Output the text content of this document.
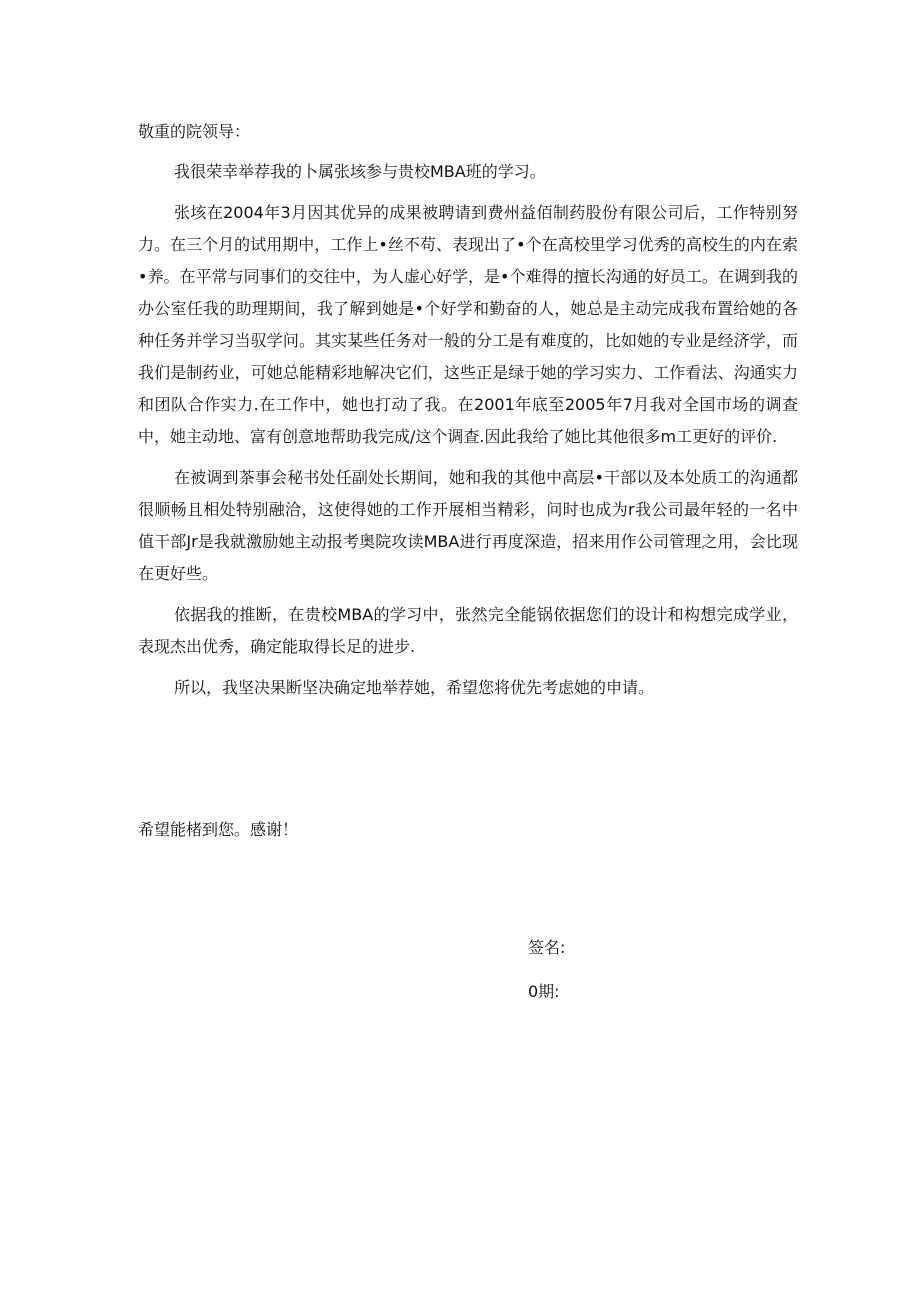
敬重的院领导：

我很荣幸举荐我的卜属张垓参与贵校MBA班的学习。

张垓在2004年3月因其优异的成果被聘请到费州益佰制药股份有限公司后，工作特别努力。在三个月的试用期中，工作上•丝不苟、表现出了•个在高校里学习优秀的高校生的内在索•养。在平常与同事们的交往中，为人虚心好学，是•个难得的擅长沟通的好员工。在调到我的办公室任我的助理期间，我了解到她是•个好学和勤奋的人，她总是主动完成我布置给她的各种任务并学习当驭学问。其实某些任务对一般的分工是有难度的，比如她的专业是经济学，而我们是制药业，可她总能精彩地解决它们，这些正是绿于她的学习实力、工作看法、沟通实力和团队合作实力.在工作中，她也打动了我。在2001年底至2005年7月我对全国市场的调查中，她主动地、富有创意地帮助我完成/这个调查.因此我给了她比其他很多m工更好的评价.

在被调到茶事会秘书处任副处长期间，她和我的其他中高层•干部以及本处质工的沟通都很顺畅且相处特别融洽，这使得她的工作开展相当精彩，问时也成为r我公司最年轻的一名中值干部Jr是我就激励她主动报考奥院攻读MBA进行再度深造，招来用作公司管理之用，会比现在更好些。

依据我的推断，在贵校MBA的学习中，张然完全能锅依据您们的设计和构想完成学业，表现杰出优秀，确定能取得长足的进步.

所以，我坚决果断坚决确定地举荐她，希望您将优先考虑她的申请。

希望能楮到您。感谢！
签名:
0期:
